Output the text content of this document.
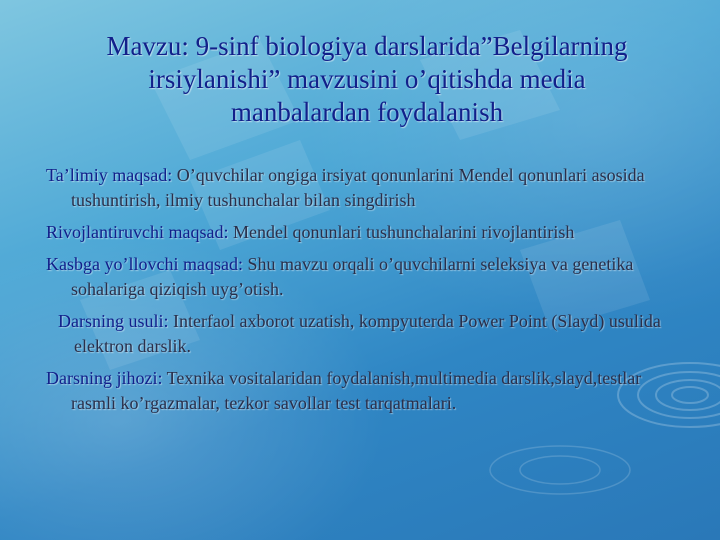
Mavzu: 9-sinf biologiya darslarida”Belgilarning
irsiylanishi” mavzusini o’qitishda media
manbalardan foydalanish

Ta’limiy maqsad: O’quvchilar ongiga irsiyat qonunlarini Mendel qonunlari asosida tushuntirish, ilmiy tushunchalar bilan singdirish

Rivojlantiruvchi maqsad: Mendel qonunlari tushunchalarini rivojlantirish

Kasbga yo’llovchi maqsad: Shu mavzu orqali o’quvchilarni seleksiya va genetika sohalariga qiziqish uyg’otish.

Darsning usuli: Interfaol axborot uzatish, kompyuterda Power Point (Slayd) usulida elektron darslik.

Darsning jihozi: Texnika vositalaridan foydalanish,multimedia darslik,slayd,testlar rasmli ko’rgazmalar, tezkor savollar test tarqatmalari.
